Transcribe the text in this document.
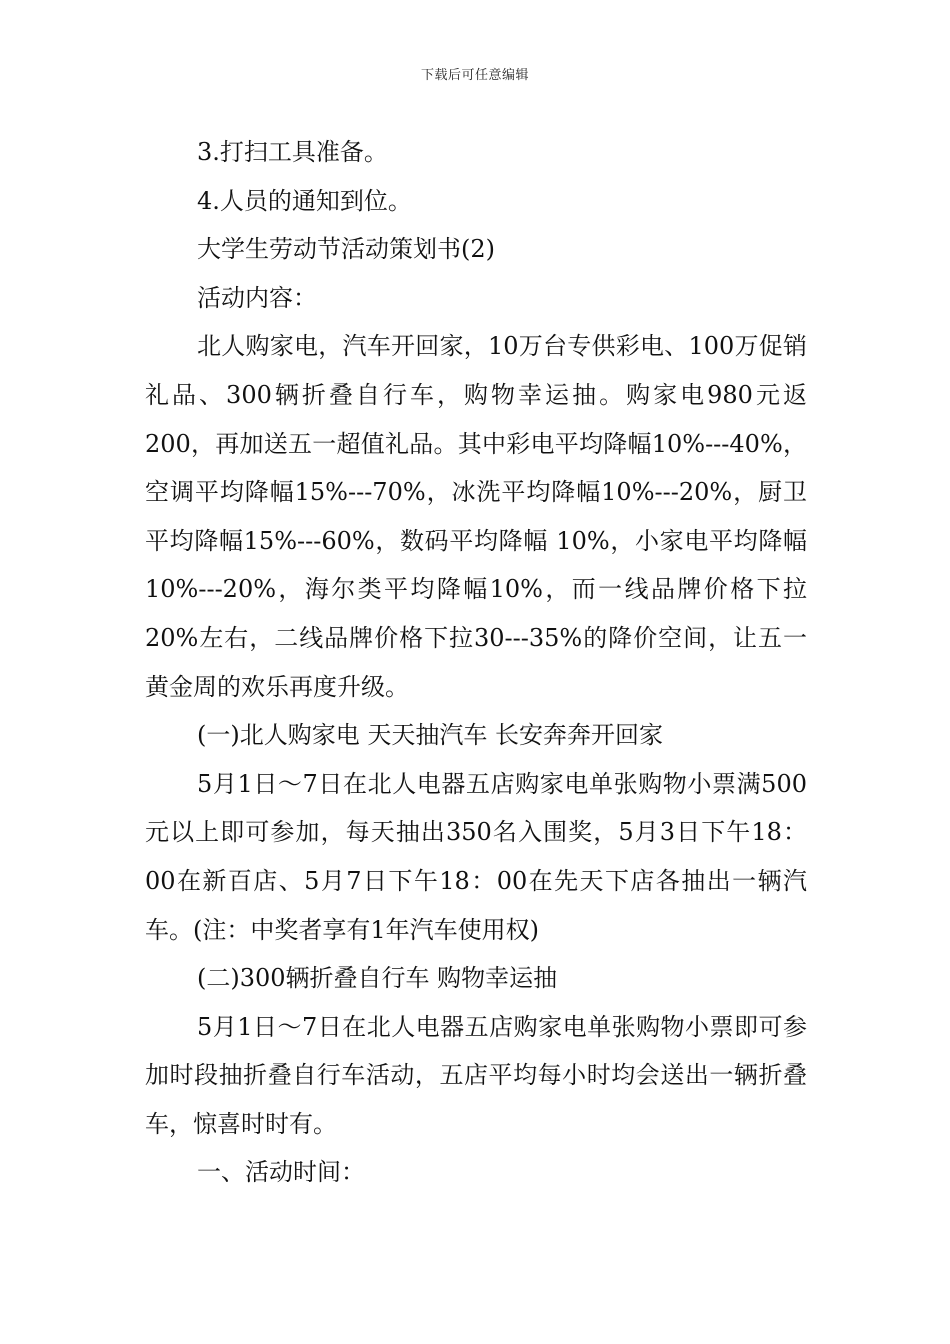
下载后可任意编辑

3.打扫工具准备。

4.人员的通知到位。

大学生劳动节活动策划书(2)

活动内容：

北人购家电，汽车开回家，10万台专供彩电、100万促销礼品、300辆折叠自行车，购物幸运抽。购家电980元返200，再加送五一超值礼品。其中彩电平均降幅10%---40%，空调平均降幅15%---70%，冰洗平均降幅10%---20%，厨卫平均降幅15%---60%，数码平均降幅 10%，小家电平均降幅10%---20%，海尔类平均降幅10%，而一线品牌价格下拉20%左右，二线品牌价格下拉30---35%的降价空间，让五一黄金周的欢乐再度升级。

(一)北人购家电 天天抽汽车 长安奔奔开回家

5月1日～7日在北人电器五店购家电单张购物小票满500元以上即可参加，每天抽出350名入围奖，5月3日下午18：00在新百店、5月7日下午18：00在先天下店各抽出一辆汽车。(注：中奖者享有1年汽车使用权)

(二)300辆折叠自行车 购物幸运抽

5月1日～7日在北人电器五店购家电单张购物小票即可参加时段抽折叠自行车活动，五店平均每小时均会送出一辆折叠车，惊喜时时有。

一、活动时间：
